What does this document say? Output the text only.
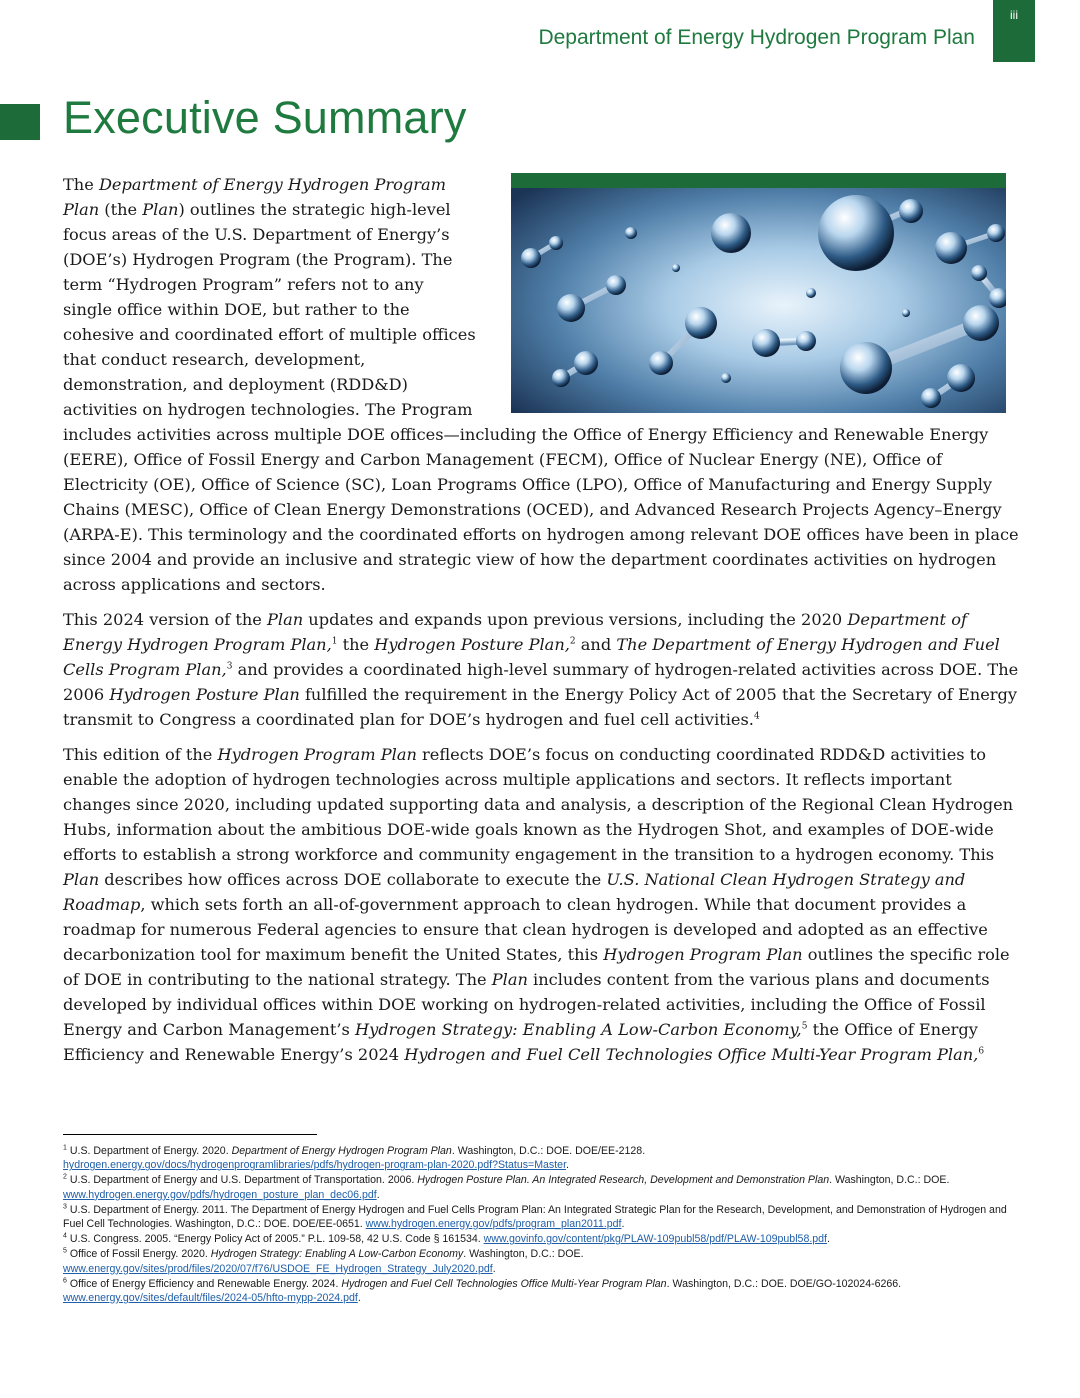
Department of Energy Hydrogen Program Plan
iii
Executive Summary

The Department of Energy Hydrogen Program Plan (the Plan) outlines the strategic high-level focus areas of the U.S. Department of Energy’s (DOE’s) Hydrogen Program (the Program). The term “Hydrogen Program” refers not to any single office within DOE, but rather to the cohesive and coordinated effort of multiple offices that conduct research, development, demonstration, and deployment (RDD&D) activities on hydrogen technologies. The Program includes activities across multiple DOE offices—including the Office of Energy Efficiency and Renewable Energy (EERE), Office of Fossil Energy and Carbon Management (FECM), Office of Nuclear Energy (NE), Office of Electricity (OE), Office of Science (SC), Loan Programs Office (LPO), Office of Manufacturing and Energy Supply Chains (MESC), Office of Clean Energy Demonstrations (OCED), and Advanced Research Projects Agency–Energy (ARPA-E). This terminology and the coordinated efforts on hydrogen among relevant DOE offices have been in place since 2004 and provide an inclusive and strategic view of how the department coordinates activities on hydrogen across applications and sectors.

This 2024 version of the Plan updates and expands upon previous versions, including the 2020 Department of Energy Hydrogen Program Plan,$^1$ the Hydrogen Posture Plan,$^2$ and The Department of Energy Hydrogen and Fuel Cells Program Plan,$^3$ and provides a coordinated high-level summary of hydrogen-related activities across DOE. The 2006 Hydrogen Posture Plan fulfilled the requirement in the Energy Policy Act of 2005 that the Secretary of Energy transmit to Congress a coordinated plan for DOE’s hydrogen and fuel cell activities.$^4$

This edition of the Hydrogen Program Plan reflects DOE’s focus on conducting coordinated RDD&D activities to enable the adoption of hydrogen technologies across multiple applications and sectors. It reflects important changes since 2020, including updated supporting data and analysis, a description of the Regional Clean Hydrogen Hubs, information about the ambitious DOE-wide goals known as the Hydrogen Shot, and examples of DOE-wide efforts to establish a strong workforce and community engagement in the transition to a hydrogen economy. This Plan describes how offices across DOE collaborate to execute the U.S. National Clean Hydrogen Strategy and Roadmap, which sets forth an all-of-government approach to clean hydrogen. While that document provides a roadmap for numerous Federal agencies to ensure that clean hydrogen is developed and adopted as an effective decarbonization tool for maximum benefit the United States, this Hydrogen Program Plan outlines the specific role of DOE in contributing to the national strategy. The Plan includes content from the various plans and documents developed by individual offices within DOE working on hydrogen-related activities, including the Office of Fossil Energy and Carbon Management’s Hydrogen Strategy: Enabling A Low-Carbon Economy,$^5$ the Office of Energy Efficiency and Renewable Energy’s 2024 Hydrogen and Fuel Cell Technologies Office Multi-Year Program Plan,$^6$

$^1$ U.S. Department of Energy. 2020. Department of Energy Hydrogen Program Plan. Washington, D.C.: DOE. DOE/EE-2128.
hydrogen.energy.gov/docs/hydrogenprogramlibraries/pdfs/hydrogen-program-plan-2020.pdf?Status=Master.
$^2$ U.S. Department of Energy and U.S. Department of Transportation. 2006. Hydrogen Posture Plan. An Integrated Research, Development and Demonstration Plan. Washington, D.C.: DOE. www.hydrogen.energy.gov/pdfs/hydrogen_posture_plan_dec06.pdf.
$^3$ U.S. Department of Energy. 2011. The Department of Energy Hydrogen and Fuel Cells Program Plan: An Integrated Strategic Plan for the Research, Development, and Demonstration of Hydrogen and Fuel Cell Technologies. Washington, D.C.: DOE. DOE/EE-0651. www.hydrogen.energy.gov/pdfs/program_plan2011.pdf.
$^4$ U.S. Congress. 2005. “Energy Policy Act of 2005.” P.L. 109-58, 42 U.S. Code § 161534. www.govinfo.gov/content/pkg/PLAW-109publ58/pdf/PLAW-109publ58.pdf.
$^5$ Office of Fossil Energy. 2020. Hydrogen Strategy: Enabling A Low-Carbon Economy. Washington, D.C.: DOE.
www.energy.gov/sites/prod/files/2020/07/f76/USDOE_FE_Hydrogen_Strategy_July2020.pdf.
$^6$ Office of Energy Efficiency and Renewable Energy. 2024. Hydrogen and Fuel Cell Technologies Office Multi-Year Program Plan. Washington, D.C.: DOE. DOE/GO-102024-6266.
www.energy.gov/sites/default/files/2024-05/hfto-mypp-2024.pdf.
